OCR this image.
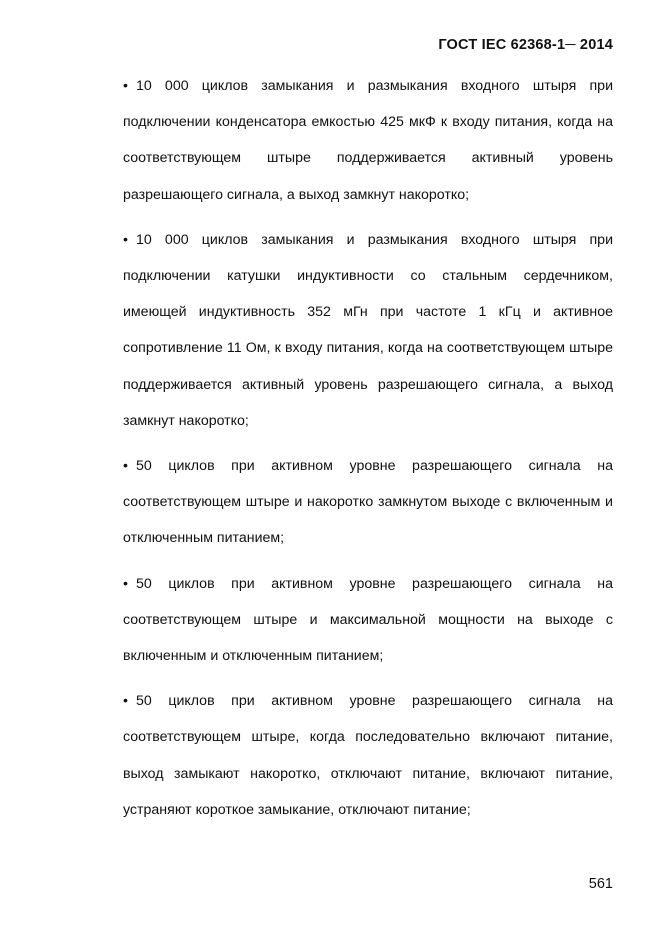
ГОСТ IEC 62368-1─ 2014

• 10 000 циклов замыкания и размыкания входного штыря при подключении конденсатора емкостью 425 мкФ к входу питания, когда на соответствующем штыре поддерживается активный уровень разрешающего сигнала, а выход замкнут накоротко;

• 10 000 циклов замыкания и размыкания входного штыря при подключении катушки индуктивности со стальным сердечником, имеющей индуктивность 352 мГн при частоте 1 кГц и активное сопротивление 11 Ом, к входу питания, когда на соответствующем штыре поддерживается активный уровень разрешающего сигнала, а выход замкнут накоротко;

• 50 циклов при активном уровне разрешающего сигнала на соответствующем штыре и накоротко замкнутом выходе с включенным и отключенным питанием;

• 50 циклов при активном уровне разрешающего сигнала на соответствующем штыре и максимальной мощности на выходе с включенным и отключенным питанием;

• 50 циклов при активном уровне разрешающего сигнала на соответствующем штыре, когда последовательно включают питание, выход замыкают накоротко, отключают питание, включают питание, устраняют короткое замыкание, отключают питание;

561
